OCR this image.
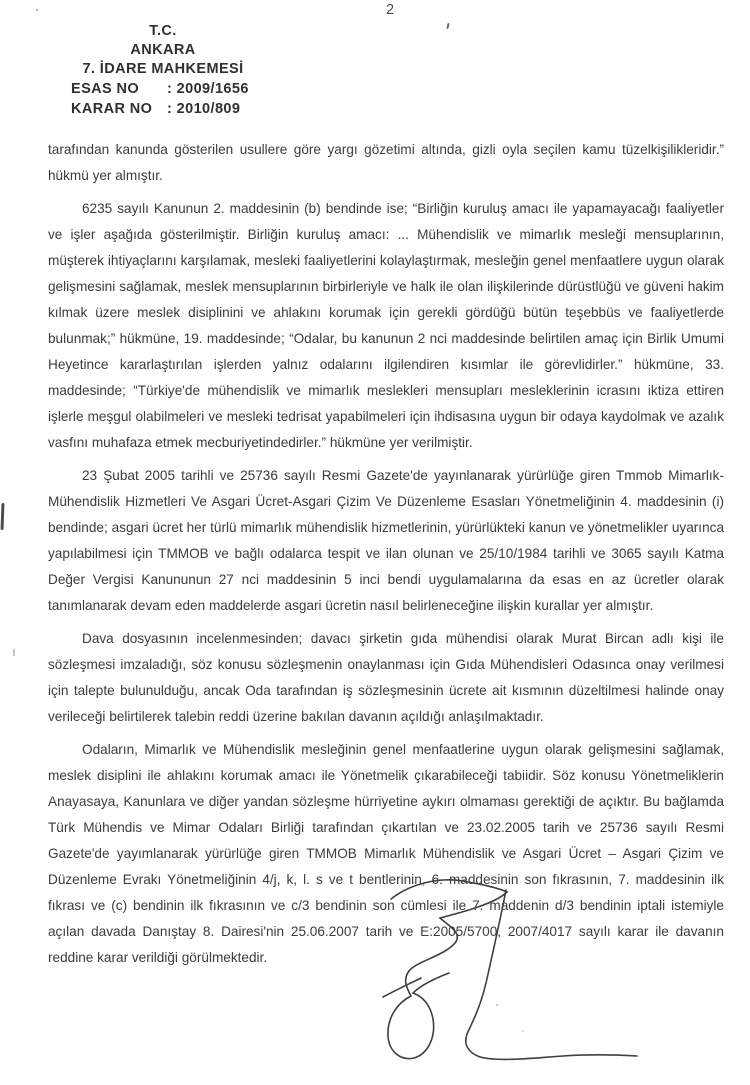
2
T.C.
ANKARA
7. İDARE MAHKEMESİ
ESAS NO	: 2009/1656
KARAR NO	: 2010/809

tarafından kanunda gösterilen usullere göre yargı gözetimi altında, gizli oyla seçilen kamu tüzelkişilikleridir.” hükmü yer almıştır.

6235 sayılı Kanunun 2. maddesinin (b) bendinde ise; “Birliğin kuruluş amacı ile yapamayacağı faaliyetler ve işler aşağıda gösterilmiştir. Birliğin kuruluş amacı: ... Mühendislik ve mimarlık mesleği mensuplarının, müşterek ihtiyaçlarını karşılamak, mesleki faaliyetlerini kolaylaştırmak, mesleğin genel menfaatlere uygun olarak gelişmesini sağlamak, meslek mensuplarının birbirleriyle ve halk ile olan ilişkilerinde dürüstlüğü ve güveni hakim kılmak üzere meslek disiplinini ve ahlakını korumak için gerekli gördüğü bütün teşebbüs ve faaliyetlerde bulunmak;” hükmüne, 19. maddesinde; “Odalar, bu kanunun 2 nci maddesinde belirtilen amaç için Birlik Umumi Heyetince kararlaştırılan işlerden yalnız odalarını ilgilendiren kısımlar ile görevlidirler.” hükmüne, 33. maddesinde; “Türkiye'de mühendislik ve mimarlık meslekleri mensupları mesleklerinin icrasını iktiza ettiren işlerle meşgul olabilmeleri ve mesleki tedrisat yapabilmeleri için ihdisasına uygun bir odaya kaydolmak ve azalık vasfını muhafaza etmek mecburiyetindedirler.” hükmüne yer verilmiştir.

23 Şubat 2005 tarihli ve 25736 sayılı Resmi Gazete'de yayınlanarak yürürlüğe giren Tmmob Mimarlık-Mühendislik Hizmetleri Ve Asgari Ücret-Asgari Çizim Ve Düzenleme Esasları Yönetmeliğinin 4. maddesinin (i) bendinde; asgari ücret her türlü mimarlık mühendislik hizmetlerinin, yürürlükteki kanun ve yönetmelikler uyarınca yapılabilmesi için TMMOB ve bağlı odalarca tespit ve ilan olunan ve 25/10/1984 tarihli ve 3065 sayılı Katma Değer Vergisi Kanununun 27 nci maddesinin 5 inci bendi uygulamalarına da esas en az ücretler olarak tanımlanarak devam eden maddelerde asgari ücretin nasıl belirleneceğine ilişkin kurallar yer almıştır.

Dava dosyasının incelenmesinden; davacı şirketin gıda mühendisi olarak Murat Bircan adlı kişi ile sözleşmesi imzaladığı, söz konusu sözleşmenin onaylanması için Gıda Mühendisleri Odasınca onay verilmesi için talepte bulunulduğu, ancak Oda tarafından iş sözleşmesinin ücrete ait kısmının düzeltilmesi halinde onay verileceği belirtilerek talebin reddi üzerine bakılan davanın açıldığı anlaşılmaktadır.

Odaların, Mimarlık ve Mühendislik mesleğinin genel menfaatlerine uygun olarak gelişmesini sağlamak, meslek disiplini ile ahlakını korumak amacı ile Yönetmelik çıkarabileceği tabiidir. Söz konusu Yönetmeliklerin Anayasaya, Kanunlara ve diğer yandan sözleşme hürriyetine aykırı olmaması gerektiği de açıktır. Bu bağlamda Türk Mühendis ve Mimar Odaları Birliği tarafından çıkartılan ve 23.02.2005 tarih ve 25736 sayılı Resmi Gazete'de yayımlanarak yürürlüğe giren TMMOB Mimarlık Mühendislik ve Asgari Ücret – Asgari Çizim ve Düzenleme Evrakı Yönetmeliğinin 4/j, k, l. s ve t bentlerinin, 6. maddesinin son fıkrasının, 7. maddesinin ilk fıkrası ve (c) bendinin ilk fıkrasının ve c/3 bendinin son cümlesi ile 7. maddenin d/3 bendinin iptali istemiyle açılan davada Danıştay 8. Dairesi'nin 25.06.2007 tarih ve E:2005/5700, 2007/4017 sayılı karar ile davanın reddine karar verildiği görülmektedir.
